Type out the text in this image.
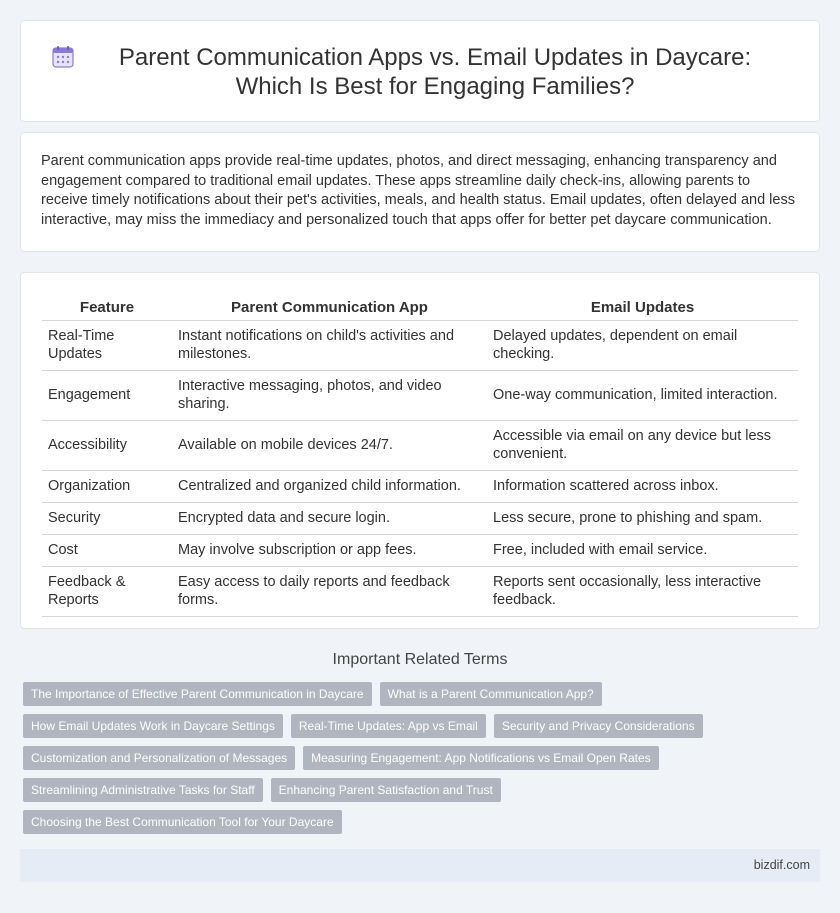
Parent Communication Apps vs. Email Updates in Daycare: Which Is Best for Engaging Families?

Parent communication apps provide real-time updates, photos, and direct messaging, enhancing transparency and engagement compared to traditional email updates. These apps streamline daily check-ins, allowing parents to receive timely notifications about their pet's activities, meals, and health status. Email updates, often delayed and less interactive, may miss the immediacy and personalized touch that apps offer for better pet daycare communication.

Feature	Parent Communication App	Email Updates
Real-Time Updates	Instant notifications on child's activities and milestones.	Delayed updates, dependent on email checking.
Engagement	Interactive messaging, photos, and video sharing.	One-way communication, limited interaction.
Accessibility	Available on mobile devices 24/7.	Accessible via email on any device but less convenient.
Organization	Centralized and organized child information.	Information scattered across inbox.
Security	Encrypted data and secure login.	Less secure, prone to phishing and spam.
Cost	May involve subscription or app fees.	Free, included with email service.
Feedback & Reports	Easy access to daily reports and feedback forms.	Reports sent occasionally, less interactive feedback.
Important Related Terms
The Importance of Effective Parent Communication in Daycare	What is a Parent Communication App?
How Email Updates Work in Daycare Settings	Real-Time Updates: App vs Email	Security and Privacy Considerations
Customization and Personalization of Messages	Measuring Engagement: App Notifications vs Email Open Rates
Streamlining Administrative Tasks for Staff	Enhancing Parent Satisfaction and Trust
Choosing the Best Communication Tool for Your Daycare
bizdif.com
